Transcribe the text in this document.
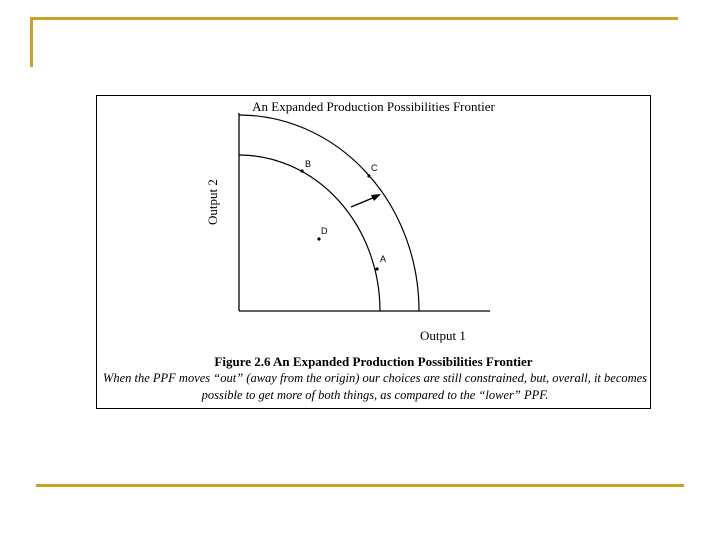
An Expanded Production Possibilities Frontier
Output 2
Output 1
B	C
A
D
Figure 2.6 An Expanded Production Possibilities Frontier
When the PPF moves “out” (away from the origin) our choices are still constrained, but, overall, it becomes possible to get more of both things, as compared to the “lower” PPF.
